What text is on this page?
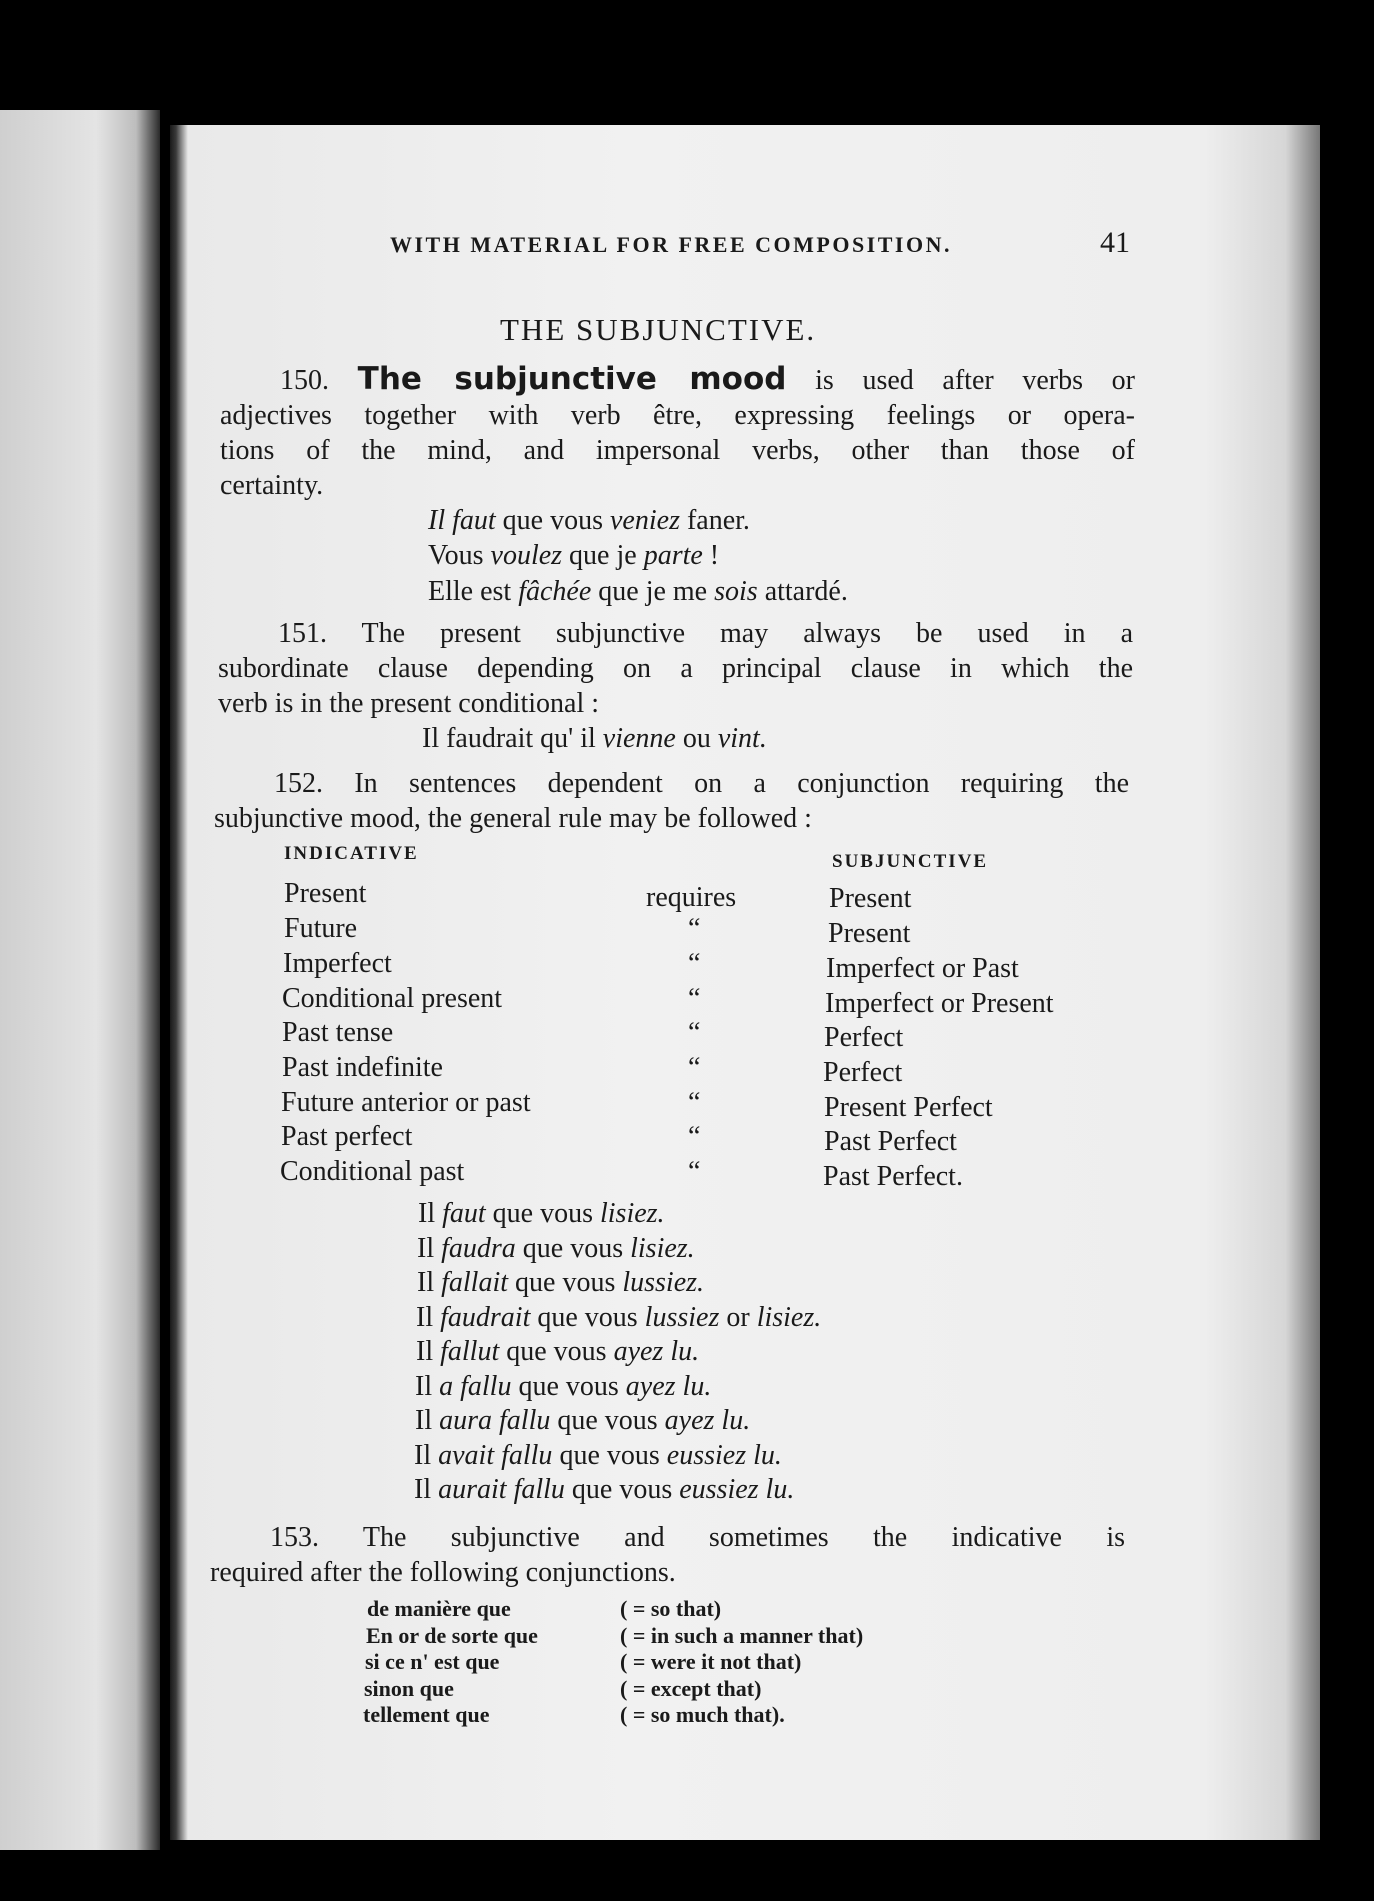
WITH MATERIAL FOR FREE COMPOSITION.	41
THE SUBJUNCTIVE.
150. The subjunctive mood is used after verbs or
adjectives together with verb être, expressing feelings or opera-
tions of the mind, and impersonal verbs, other than those of
certainty.
Il faut que vous veniez faner.
Vous voulez que je parte !
Elle est fâchée que je me sois attardé.
151. The present subjunctive may always be used in a
subordinate clause depending on a principal clause in which the
verb is in the present conditional :
Il faudrait qu' il vienne ou vint.
152. In sentences dependent on a conjunction requiring the
subjunctive mood, the general rule may be followed :
INDICATIVE	SUBJUNCTIVE
Present	requires	Present
Future	“	Present
Imperfect	“	Imperfect or Past
Conditional present	“	Imperfect or Present
Past tense	“	Perfect
Past indefinite	“	Perfect
Future anterior or past	“	Present Perfect
Past perfect	“	Past Perfect
Conditional past	“	Past Perfect.
Il faut que vous lisiez.
Il faudra que vous lisiez.
Il fallait que vous lussiez.
Il faudrait que vous lussiez or lisiez.
Il fallut que vous ayez lu.
Il a fallu que vous ayez lu.
Il aura fallu que vous ayez lu.
Il avait fallu que vous eussiez lu.
Il aurait fallu que vous eussiez lu.
153. The subjunctive and sometimes the indicative is
required after the following conjunctions.
de manière que	( = so that)
En or de sorte que	( = in such a manner that)
si ce n' est que	( = were it not that)
sinon que	( = except that)
tellement que	( = so much that).
